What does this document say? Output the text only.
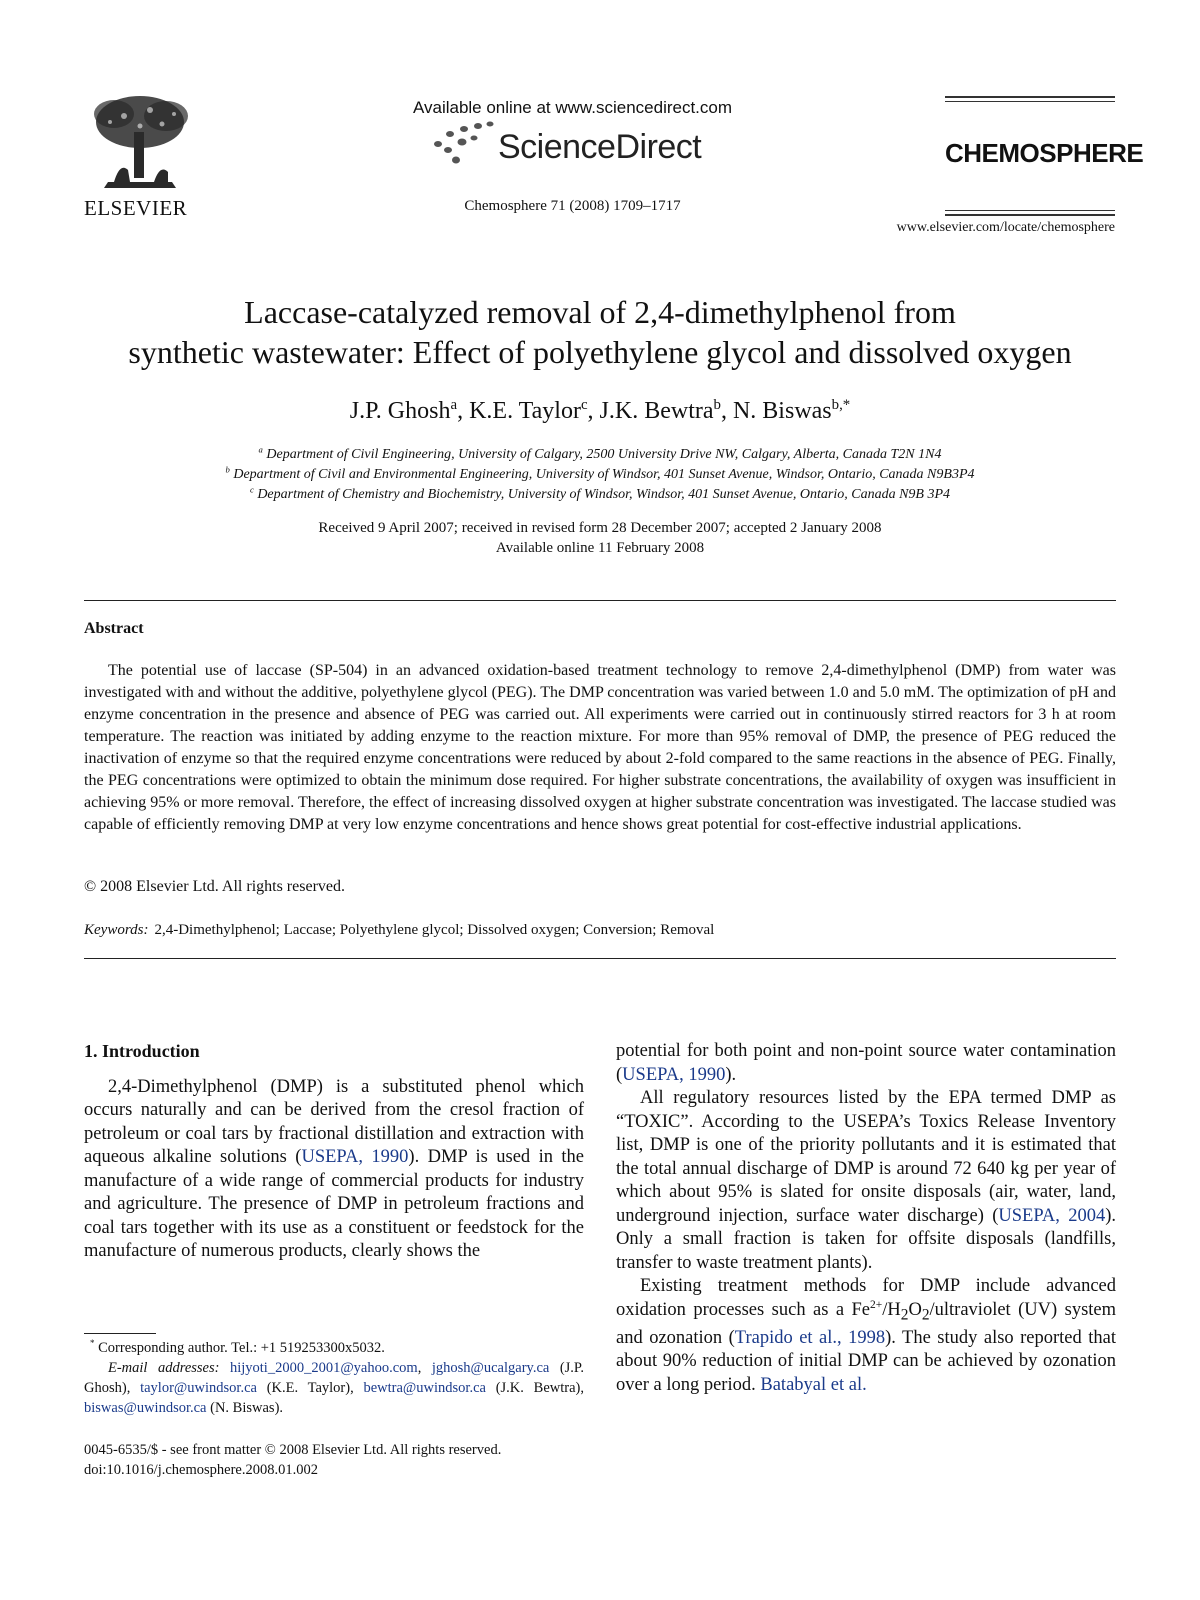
ELSEVIER
Available online at www.sciencedirect.com
ScienceDirect
Chemosphere 71 (2008) 1709–1717
CHEMOSPHERE
www.elsevier.com/locate/chemosphere
Laccase-catalyzed removal of 2,4-dimethylphenol from
synthetic wastewater: Effect of polyethylene glycol and dissolved oxygen
J.P. Ghosh$^a$, K.E. Taylor$^c$, J.K. Bewtra$^b$, N. Biswas$^{b,*}$
$^a$ Department of Civil Engineering, University of Calgary, 2500 University Drive NW, Calgary, Alberta, Canada T2N 1N4
$^b$ Department of Civil and Environmental Engineering, University of Windsor, 401 Sunset Avenue, Windsor, Ontario, Canada N9B3P4
$^c$ Department of Chemistry and Biochemistry, University of Windsor, Windsor, 401 Sunset Avenue, Ontario, Canada N9B 3P4
Received 9 April 2007; received in revised form 28 December 2007; accepted 2 January 2008
Available online 11 February 2008
Abstract

The potential use of laccase (SP-504) in an advanced oxidation-based treatment technology to remove 2,4-dimethylphenol (DMP) from water was investigated with and without the additive, polyethylene glycol (PEG). The DMP concentration was varied between 1.0 and 5.0 mM. The optimization of pH and enzyme concentration in the presence and absence of PEG was carried out. All experiments were carried out in continuously stirred reactors for 3 h at room temperature. The reaction was initiated by adding enzyme to the reaction mixture. For more than 95% removal of DMP, the presence of PEG reduced the inactivation of enzyme so that the required enzyme concentrations were reduced by about 2-fold compared to the same reactions in the absence of PEG. Finally, the PEG concentrations were optimized to obtain the minimum dose required. For higher substrate concentrations, the availability of oxygen was insufficient in achieving 95% or more removal. Therefore, the effect of increasing dissolved oxygen at higher substrate concentration was investigated. The laccase studied was capable of efficiently removing DMP at very low enzyme concentrations and hence shows great potential for cost-effective industrial applications.

© 2008 Elsevier Ltd. All rights reserved.
Keywords: 2,4-Dimethylphenol; Laccase; Polyethylene glycol; Dissolved oxygen; Conversion; Removal

1. Introduction

2,4-Dimethylphenol (DMP) is a substituted phenol which occurs naturally and can be derived from the cresol fraction of petroleum or coal tars by fractional distillation and extraction with aqueous alkaline solutions (USEPA, 1990). DMP is used in the manufacture of a wide range of commercial products for industry and agriculture. The presence of DMP in petroleum fractions and coal tars together with its use as a constituent or feedstock for the manufacture of numerous products, clearly shows the

* Corresponding author. Tel.: +1 519253300x5032.
E-mail addresses: hijyoti_2000_2001@yahoo.com, jghosh@ucalgary.ca (J.P. Ghosh), taylor@uwindsor.ca (K.E. Taylor), bewtra@uwindsor.ca (J.K. Bewtra), biswas@uwindsor.ca (N. Biswas).
0045-6535/$ - see front matter © 2008 Elsevier Ltd. All rights reserved.
doi:10.1016/j.chemosphere.2008.01.002

potential for both point and non-point source water contamination (USEPA, 1990).

All regulatory resources listed by the EPA termed DMP as “TOXIC”. According to the USEPA’s Toxics Release Inventory list, DMP is one of the priority pollutants and it is estimated that the total annual discharge of DMP is around 72 640 kg per year of which about 95% is slated for onsite disposals (air, water, land, underground injection, surface water discharge) (USEPA, 2004). Only a small fraction is taken for offsite disposals (landfills, transfer to waste treatment plants).

Existing treatment methods for DMP include advanced oxidation processes such as a $Fe^{2+}/H_2O_2$/ultraviolet (UV) system and ozonation (Trapido et al., 1998). The study also reported that about 90% reduction of initial DMP can be achieved by ozonation over a long period. Batabyal et al.
